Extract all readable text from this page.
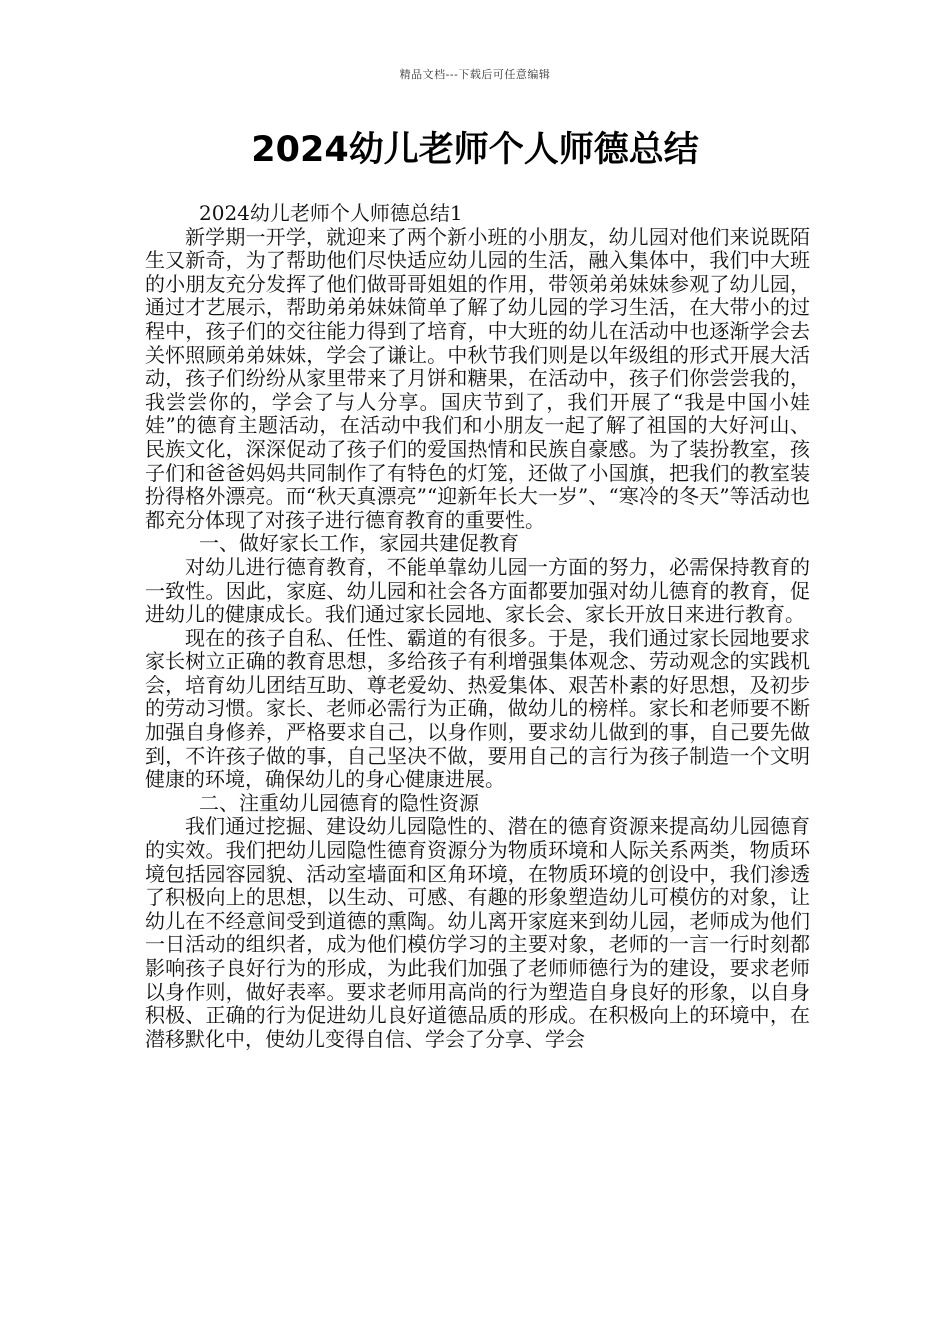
精品文档---下载后可任意编辑
2024幼儿老师个人师德总结

2024幼儿老师个人师德总结1

新学期一开学，就迎来了两个新小班的小朋友，幼儿园对他们来说既陌生又新奇，为了帮助他们尽快适应幼儿园的生活，融入集体中，我们中大班的小朋友充分发挥了他们做哥哥姐姐的作用，带领弟弟妹妹参观了幼儿园，通过才艺展示，帮助弟弟妹妹简单了解了幼儿园的学习生活，在大带小的过程中，孩子们的交往能力得到了培育，中大班的幼儿在活动中也逐渐学会去关怀照顾弟弟妹妹，学会了谦让。中秋节我们则是以年级组的形式开展大活动，孩子们纷纷从家里带来了月饼和糖果，在活动中，孩子们你尝尝我的，我尝尝你的，学会了与人分享。国庆节到了，我们开展了“我是中国小娃娃”的德育主题活动，在活动中我们和小朋友一起了解了祖国的大好河山、民族文化，深深促动了孩子们的爱国热情和民族自豪感。为了装扮教室，孩子们和爸爸妈妈共同制作了有特色的灯笼，还做了小国旗，把我们的教室装扮得格外漂亮。而“秋天真漂亮”“迎新年长大一岁”、“寒冷的冬天”等活动也都充分体现了对孩子进行德育教育的重要性。

一、做好家长工作，家园共建促教育

对幼儿进行德育教育，不能单靠幼儿园一方面的努力，必需保持教育的一致性。因此，家庭、幼儿园和社会各方面都要加强对幼儿德育的教育，促进幼儿的健康成长。我们通过家长园地、家长会、家长开放日来进行教育。

现在的孩子自私、任性、霸道的有很多。于是，我们通过家长园地要求家长树立正确的教育思想，多给孩子有利增强集体观念、劳动观念的实践机会，培育幼儿团结互助、尊老爱幼、热爱集体、艰苦朴素的好思想，及初步的劳动习惯。家长、老师必需行为正确，做幼儿的榜样。家长和老师要不断加强自身修养，严格要求自己，以身作则，要求幼儿做到的事，自己要先做到，不许孩子做的事，自己坚决不做，要用自己的言行为孩子制造一个文明健康的环境，确保幼儿的身心健康进展。

二、注重幼儿园德育的隐性资源

我们通过挖掘、建设幼儿园隐性的、潜在的德育资源来提高幼儿园德育的实效。我们把幼儿园隐性德育资源分为物质环境和人际关系两类，物质环境包括园容园貌、活动室墙面和区角环境，在物质环境的创设中，我们渗透了积极向上的思想，以生动、可感、有趣的形象塑造幼儿可模仿的对象，让幼儿在不经意间受到道德的熏陶。幼儿离开家庭来到幼儿园，老师成为他们一日活动的组织者，成为他们模仿学习的主要对象，老师的一言一行时刻都影响孩子良好行为的形成，为此我们加强了老师师德行为的建设，要求老师以身作则，做好表率。要求老师用高尚的行为塑造自身良好的形象，以自身积极、正确的行为促进幼儿良好道德品质的形成。在积极向上的环境中，在潜移默化中，使幼儿变得自信、学会了分享、学会
